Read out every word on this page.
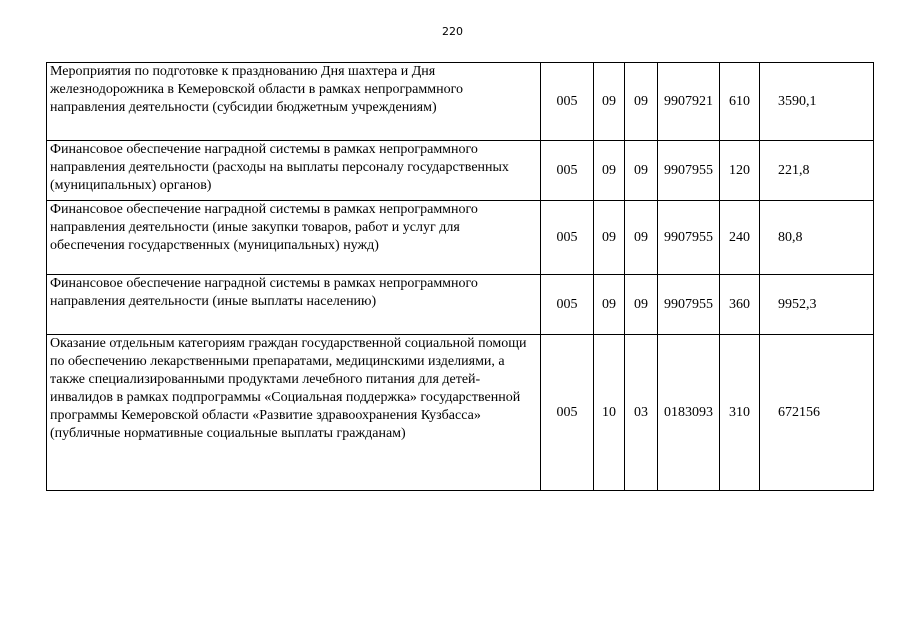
220
Мероприятия по подготовке к празднованию Дня шахтера и Дня железнодорожника в Кемеровской области в рамках непрограммного направления деятельности (субсидии бюджетным учреждениям)	005	09	09	9907921	610	3590,1
Финансовое обеспечение наградной системы в рамках непрограммного направления деятельности (расходы на выплаты персоналу государственных (муниципальных) органов)	005	09	09	9907955	120	221,8
Финансовое обеспечение наградной системы в рамках непрограммного направления деятельности (иные закупки товаров, работ и услуг для обеспечения государственных (муниципальных) нужд)	005	09	09	9907955	240	80,8
Финансовое обеспечение наградной системы в рамках непрограммного направления деятельности (иные выплаты населению)	005	09	09	9907955	360	9952,3
Оказание отдельным категориям граждан государственной социальной помощи по обеспечению лекарственными препаратами, медицинскими изделиями, а также специализированными продуктами лечебного питания для детей-инвалидов в рамках подпрограммы «Социальная поддержка» государственной программы Кемеровской области «Развитие здравоохранения Кузбасса» (публичные нормативные социальные выплаты гражданам)	005	10	03	0183093	310	672156
